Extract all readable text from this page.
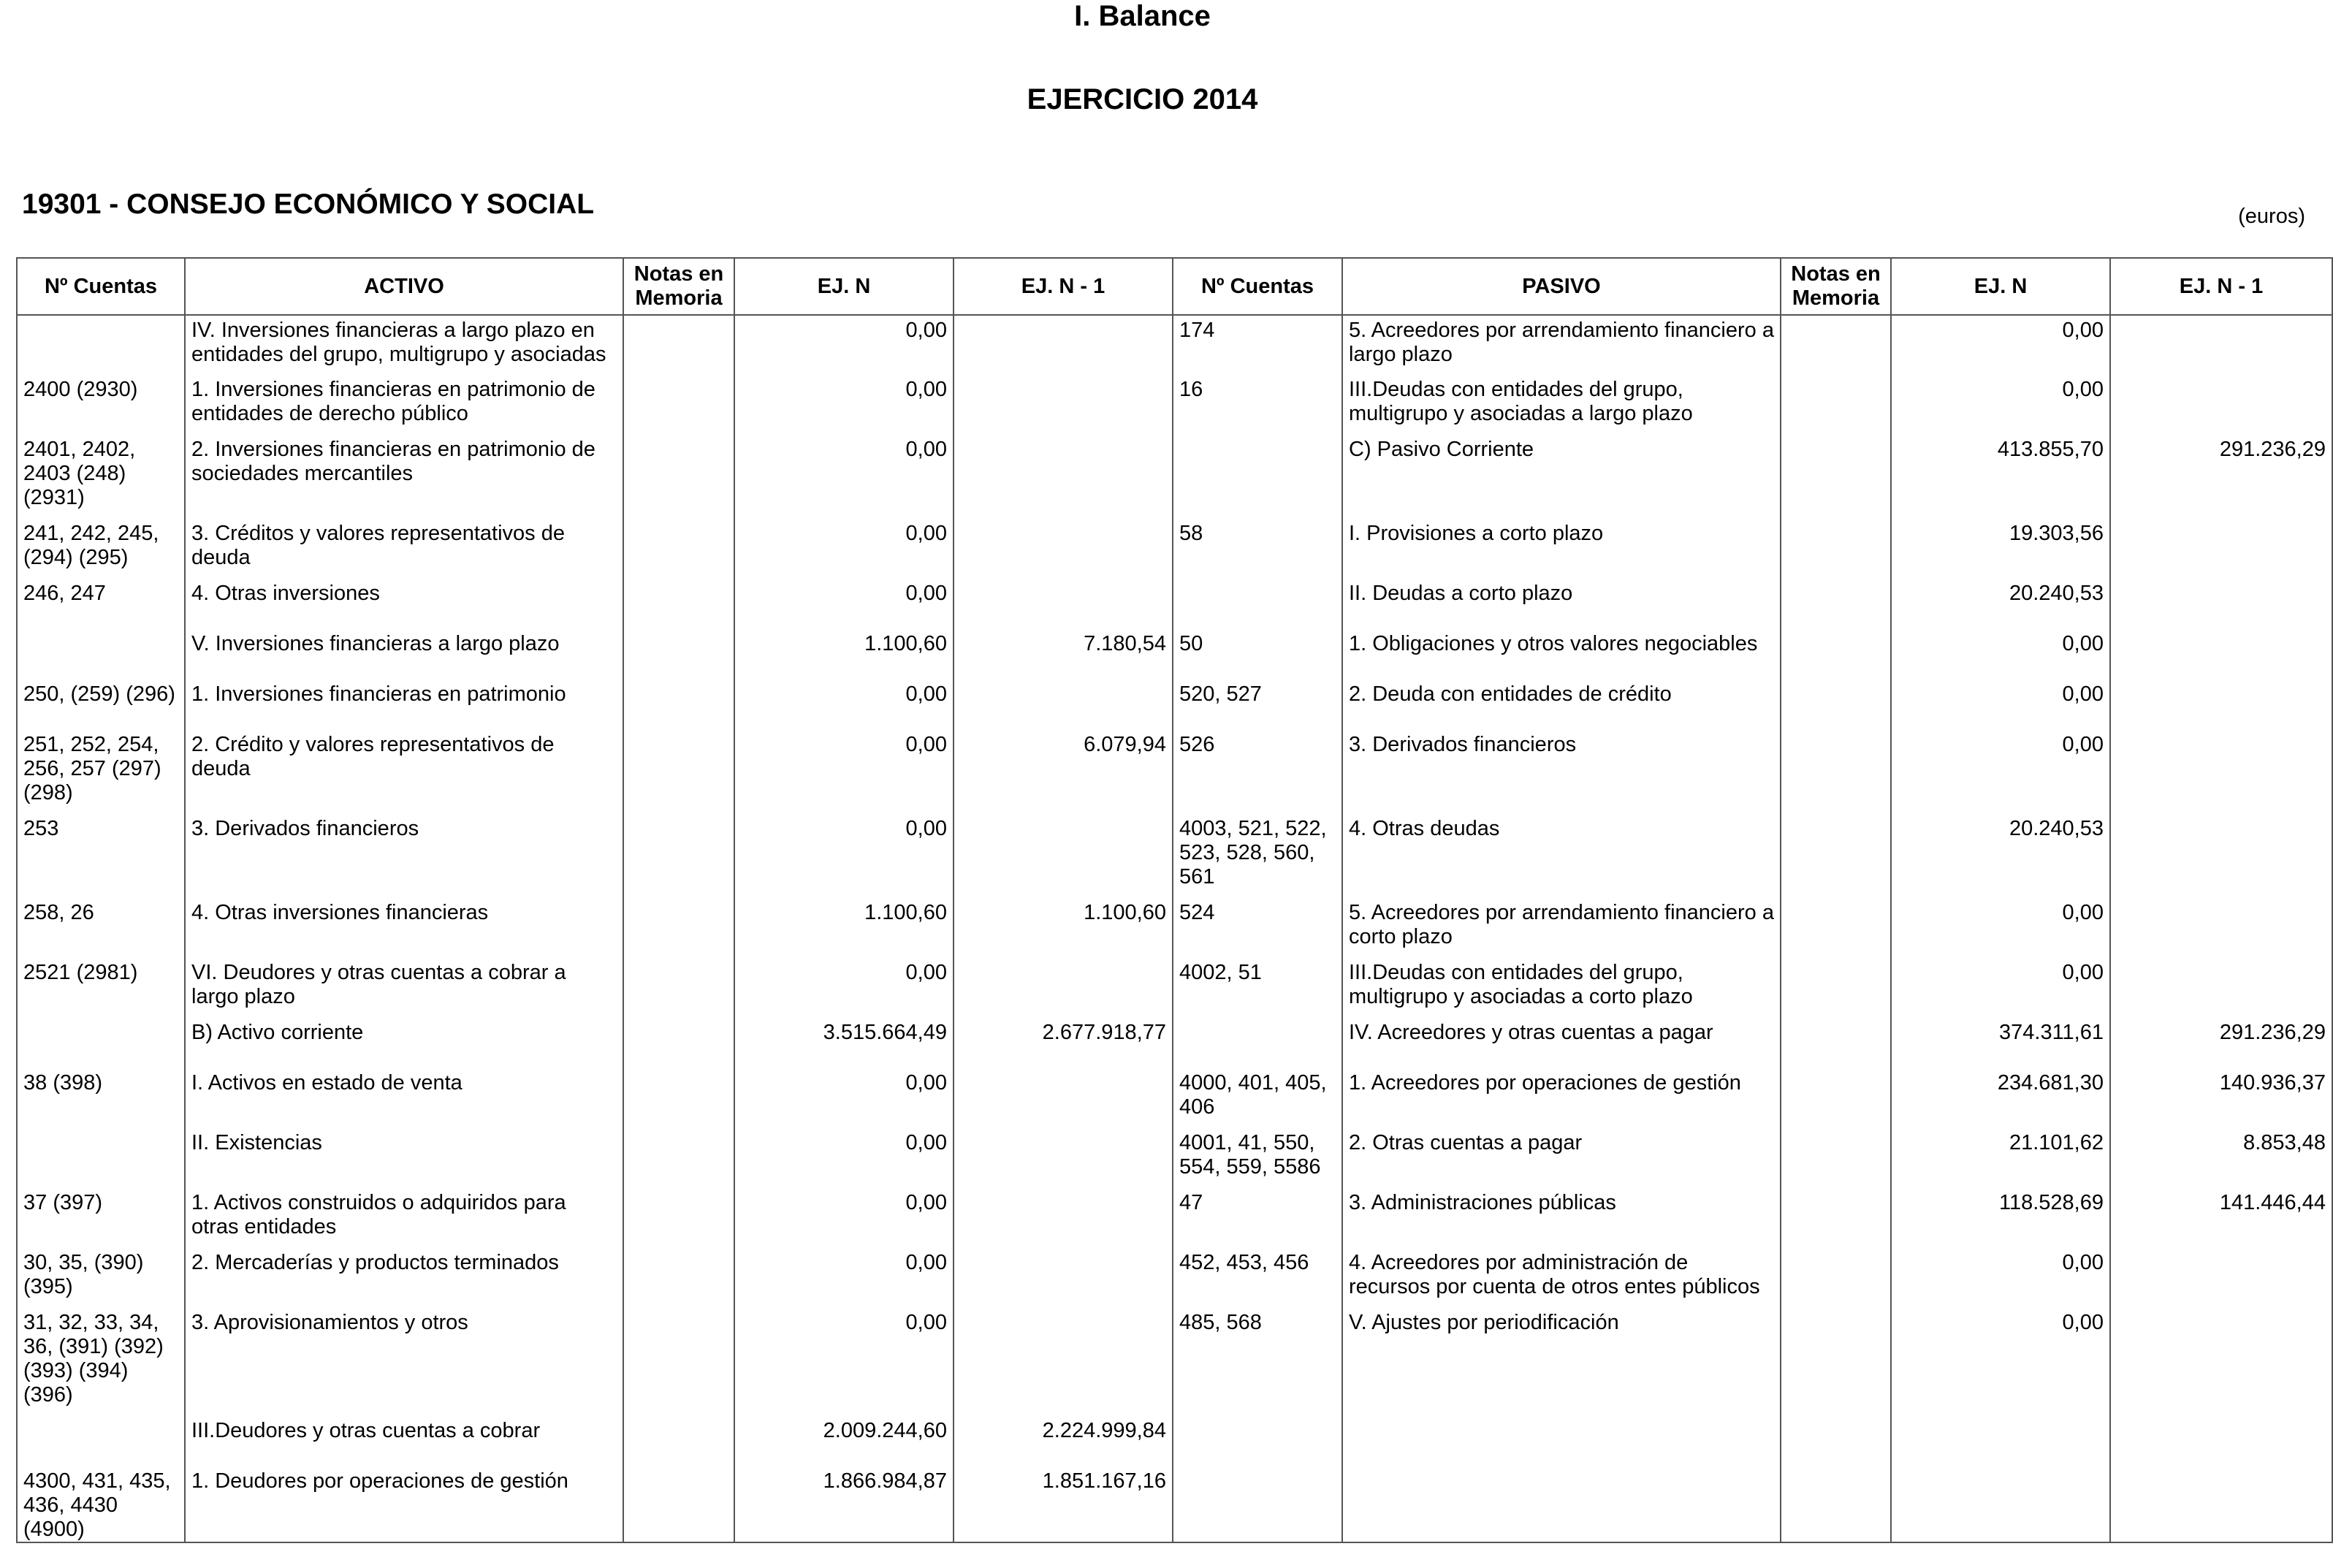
I. Balance
EJERCICIO 2014
19301 - CONSEJO ECONÓMICO Y SOCIAL	(euros)
Nº Cuentas	ACTIVO	Notas en Memoria	EJ. N	EJ. N - 1	Nº Cuentas	PASIVO	Notas en Memoria	EJ. N	EJ. N - 1
	IV. Inversiones financieras a largo plazo en entidades del grupo, multigrupo y asociadas		0,00		174	5. Acreedores por arrendamiento financiero a largo plazo		0,00	
2400 (2930)	1. Inversiones financieras en patrimonio de entidades de derecho público		0,00		16	III.Deudas con entidades del grupo, multigrupo y asociadas a largo plazo		0,00	
2401, 2402, 2403 (248) (2931)	2. Inversiones financieras en patrimonio de sociedades mercantiles		0,00			C) Pasivo Corriente		413.855,70	291.236,29
241, 242, 245, (294) (295)	3. Créditos y valores representativos de deuda		0,00		58	I. Provisiones a corto plazo		19.303,56	
246, 247	4. Otras inversiones		0,00			II. Deudas a corto plazo		20.240,53	
	V. Inversiones financieras a largo plazo		1.100,60	7.180,54	50	1. Obligaciones y otros valores negociables		0,00	
250, (259) (296)	1. Inversiones financieras en patrimonio		0,00		520, 527	2. Deuda con entidades de crédito		0,00	
251, 252, 254, 256, 257 (297) (298)	2. Crédito y valores representativos de deuda		0,00	6.079,94	526	3. Derivados financieros		0,00	
253	3. Derivados financieros		0,00		4003, 521, 522, 523, 528, 560, 561	4. Otras deudas		20.240,53	
258, 26	4. Otras inversiones financieras		1.100,60	1.100,60	524	5. Acreedores por arrendamiento financiero a corto plazo		0,00	
2521 (2981)	VI. Deudores y otras cuentas a cobrar a largo plazo		0,00		4002, 51	III.Deudas con entidades del grupo, multigrupo y asociadas a corto plazo		0,00	
	B) Activo corriente		3.515.664,49	2.677.918,77		IV. Acreedores y otras cuentas a pagar		374.311,61	291.236,29
38 (398)	I. Activos en estado de venta		0,00		4000, 401, 405, 406	1. Acreedores por operaciones de gestión		234.681,30	140.936,37
	II. Existencias		0,00		4001, 41, 550, 554, 559, 5586	2. Otras cuentas a pagar		21.101,62	8.853,48
37 (397)	1. Activos construidos o adquiridos para otras entidades		0,00		47	3. Administraciones públicas		118.528,69	141.446,44
30, 35, (390) (395)	2. Mercaderías y productos terminados		0,00		452, 453, 456	4. Acreedores por administración de recursos por cuenta de otros entes públicos		0,00	
31, 32, 33, 34, 36, (391) (392) (393) (394) (396)	3. Aprovisionamientos y otros		0,00		485, 568	V. Ajustes por periodificación		0,00	
	III.Deudores y otras cuentas a cobrar		2.009.244,60	2.224.999,84					
4300, 431, 435, 436, 4430 (4900)	1. Deudores por operaciones de gestión		1.866.984,87	1.851.167,16					
